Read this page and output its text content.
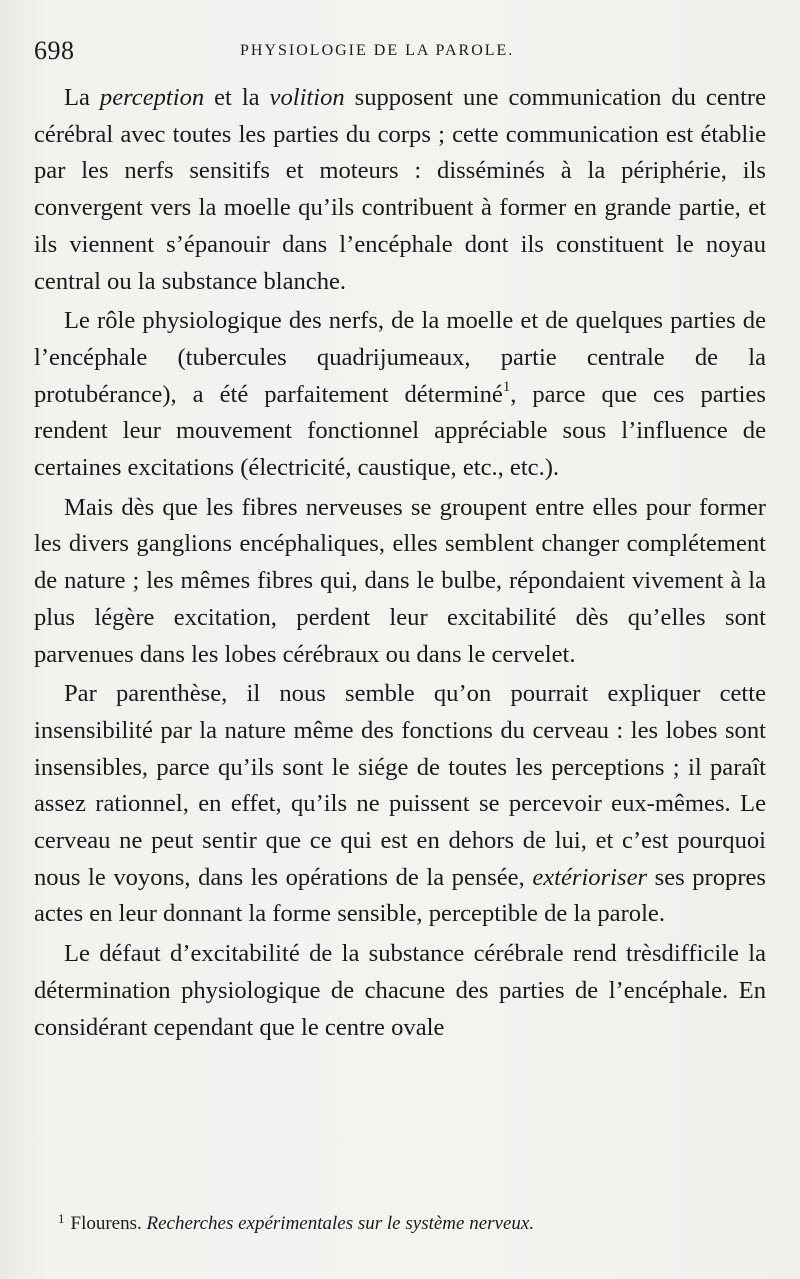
698	PHYSIOLOGIE DE LA PAROLE.

La perception et la volition supposent une communication du centre cérébral avec toutes les parties du corps ; cette communication est établie par les nerfs sensitifs et moteurs : disséminés à la périphérie, ils convergent vers la moelle qu’ils contribuent à former en grande partie, et ils viennent s’épanouir dans l’encéphale dont ils constituent le noyau central ou la substance blanche.

Le rôle physiologique des nerfs, de la moelle et de quelques parties de l’encéphale (tubercules quadrijumeaux, partie centrale de la protubérance), a été parfaitement déterminé$^1$, parce que ces parties rendent leur mouvement fonctionnel appréciable sous l’influence de certaines excitations (électricité, caustique, etc., etc.).

Mais dès que les fibres nerveuses se groupent entre elles pour former les divers ganglions encéphaliques, elles semblent changer complétement de nature ; les mêmes fibres qui, dans le bulbe, répondaient vivement à la plus légère excitation, perdent leur excitabilité dès qu’elles sont parvenues dans les lobes cérébraux ou dans le cervelet.

Par parenthèse, il nous semble qu’on pourrait expliquer cette insensibilité par la nature même des fonctions du cerveau : les lobes sont insensibles, parce qu’ils sont le siége de toutes les perceptions ; il paraît assez rationnel, en effet, qu’ils ne puissent se percevoir eux-mêmes. Le cerveau ne peut sentir que ce qui est en dehors de lui, et c’est pourquoi nous le voyons, dans les opérations de la pensée, extérioriser ses propres actes en leur donnant la forme sensible, perceptible de la parole.

Le défaut d’excitabilité de la substance cérébrale rend trèsdifficile la détermination physiologique de chacune des parties de l’encéphale. En considérant cependant que le centre ovale

$^1$ Flourens. Recherches expérimentales sur le système nerveux.
